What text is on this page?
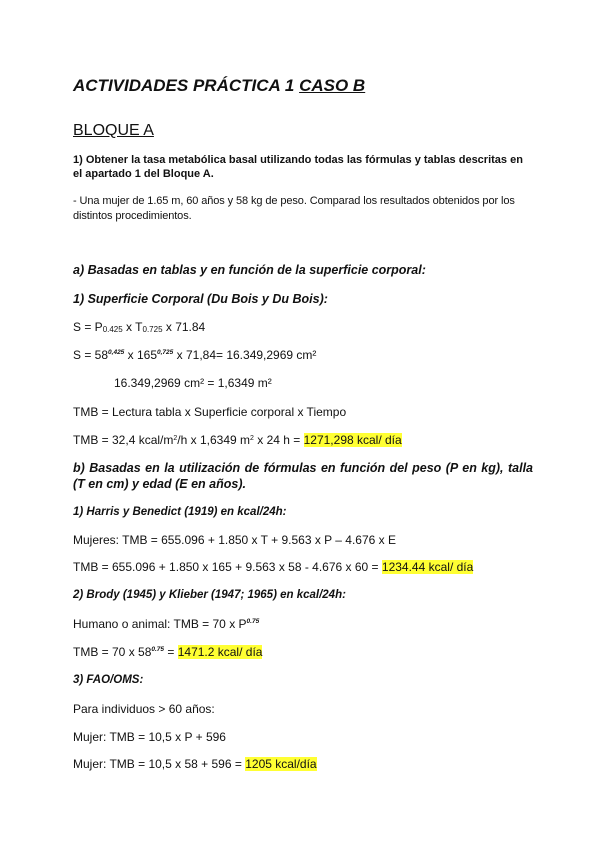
ACTIVIDADES PRÁCTICA 1 CASO B
BLOQUE A
1) Obtener la tasa metabólica basal utilizando todas las fórmulas y tablas descritas en el apartado 1 del Bloque A.
- Una mujer de 1.65 m, 60 años y 58 kg de peso. Comparad los resultados obtenidos por los distintos procedimientos.
a) Basadas en tablas y en función de la superficie corporal:
1) Superficie Corporal (Du Bois y Du Bois):
$S = P_{0.425}$ x $T_{0.725}$ x 71.84
$S = 58^{0,425}$ x 165$^{0,725}$ x 71,84= 16.349,2969 cm²
16.349,2969 cm² = 1,6349 m²
TMB = Lectura tabla x Superficie corporal x Tiempo
TMB = 32,4 kcal/$m^2/h$ x 1,6349 $m^2$ x 24 h = 1271,298 kcal/ día
b) Basadas en la utilización de fórmulas en función del peso (P en kg), talla (T en cm) y edad (E en años).
1) Harris y Benedict (1919) en kcal/24h:
Mujeres: TMB = 655.096 + 1.850 x T + 9.563 x P – 4.676 x E
TMB = 655.096 + 1.850 x 165 + 9.563 x 58 - 4.676 x 60 = 1234.44 kcal/ día
2) Brody (1945) y Klieber (1947; 1965) en kcal/24h:
Humano o animal: TMB = 70 x $P^{0.75}$
TMB = 70 x $58^{0.75} = 1471.2$ kcal/ día
3) FAO/OMS:
Para individuos > 60 años:
Mujer: TMB = 10,5 x P + 596
Mujer: TMB = 10,5 x 58 + 596 = 1205 kcal/día
